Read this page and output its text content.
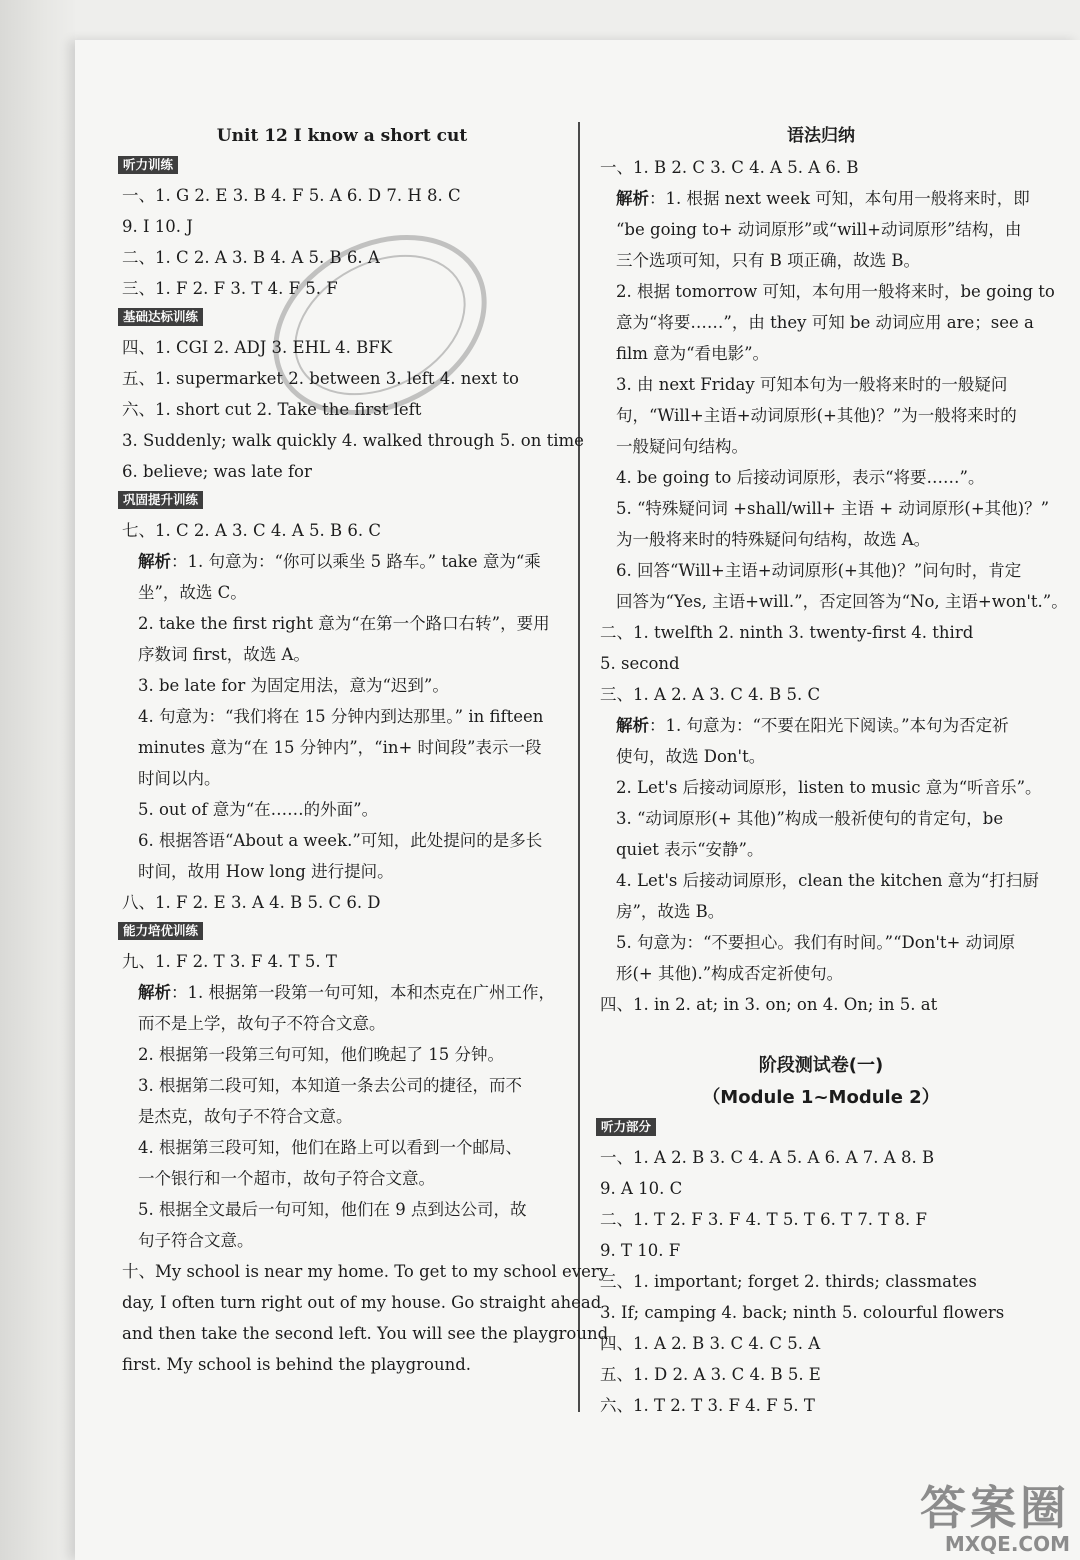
Unit 12 I know a short cut
听力训练
一、1. G 2. E 3. B 4. F 5. A 6. D 7. H 8. C
9. I 10. J
二、1. C 2. A 3. B 4. A 5. B 6. A
三、1. F 2. F 3. T 4. F 5. F
基础达标训练
四、1. CGI 2. ADJ 3. EHL 4. BFK
五、1. supermarket 2. between 3. left 4. next to
六、1. short cut 2. Take the first left
3. Suddenly; walk quickly 4. walked through 5. on time
6. believe; was late for
巩固提升训练
七、1. C 2. A 3. C 4. A 5. B 6. C
解析：1. 句意为：“你可以乘坐 5 路车。” take 意为“乘
坐”，故选 C。
2. take the first right 意为“在第一个路口右转”，要用
序数词 first，故选 A。
3. be late for 为固定用法，意为“迟到”。
4. 句意为：“我们将在 15 分钟内到达那里。” in fifteen
minutes 意为“在 15 分钟内”，“in+ 时间段”表示一段
时间以内。
5. out of 意为“在……的外面”。
6. 根据答语“About a week.”可知，此处提问的是多长
时间，故用 How long 进行提问。
八、1. F 2. E 3. A 4. B 5. C 6. D
能力培优训练
九、1. F 2. T 3. F 4. T 5. T
解析：1. 根据第一段第一句可知，本和杰克在广州工作，
而不是上学，故句子不符合文意。
2. 根据第一段第三句可知，他们晚起了 15 分钟。
3. 根据第二段可知，本知道一条去公司的捷径，而不
是杰克，故句子不符合文意。
4. 根据第三段可知，他们在路上可以看到一个邮局、
一个银行和一个超市，故句子符合文意。
5. 根据全文最后一句可知，他们在 9 点到达公司，故
句子符合文意。
十、My school is near my home. To get to my school every
day, I often turn right out of my house. Go straight ahead
and then take the second left. You will see the playground
first. My school is behind the playground.
语法归纳
一、1. B 2. C 3. C 4. A 5. A 6. B
解析：1. 根据 next week 可知，本句用一般将来时，即
“be going to+ 动词原形”或“will+动词原形”结构，由
三个选项可知，只有 B 项正确，故选 B。
2. 根据 tomorrow 可知，本句用一般将来时，be going to
意为“将要……”，由 they 可知 be 动词应用 are；see a
film 意为“看电影”。
3. 由 next Friday 可知本句为一般将来时的一般疑问
句，“Will+主语+动词原形(+其他)？”为一般将来时的
一般疑问句结构。
4. be going to 后接动词原形，表示“将要……”。
5. “特殊疑问词 +shall/will+ 主语 + 动词原形(+其他)？”
为一般将来时的特殊疑问句结构，故选 A。
6. 回答“Will+主语+动词原形(+其他)？”问句时，肯定
回答为“Yes, 主语+will.”，否定回答为“No, 主语+won't.”。
二、1. twelfth 2. ninth 3. twenty-first 4. third
5. second
三、1. A 2. A 3. C 4. B 5. C
解析：1. 句意为：“不要在阳光下阅读。”本句为否定祈
使句，故选 Don't。
2. Let's 后接动词原形，listen to music 意为“听音乐”。
3. “动词原形(+ 其他)”构成一般祈使句的肯定句，be
quiet 表示“安静”。
4. Let's 后接动词原形，clean the kitchen 意为“打扫厨
房”，故选 B。
5. 句意为：“不要担心。我们有时间。”“Don't+ 动词原
形(+ 其他).”构成否定祈使句。
四、1. in 2. at; in 3. on; on 4. On; in 5. at
阶段测试卷(一)
（Module 1~Module 2）
听力部分
一、1. A 2. B 3. C 4. A 5. A 6. A 7. A 8. B
9. A 10. C
二、1. T 2. F 3. F 4. T 5. T 6. T 7. T 8. F
9. T 10. F
三、1. important; forget 2. thirds; classmates
3. If; camping 4. back; ninth 5. colourful flowers
四、1. A 2. B 3. C 4. C 5. A
五、1. D 2. A 3. C 4. B 5. E
六、1. T 2. T 3. F 4. F 5. T
答案圈
MXQE.COM
